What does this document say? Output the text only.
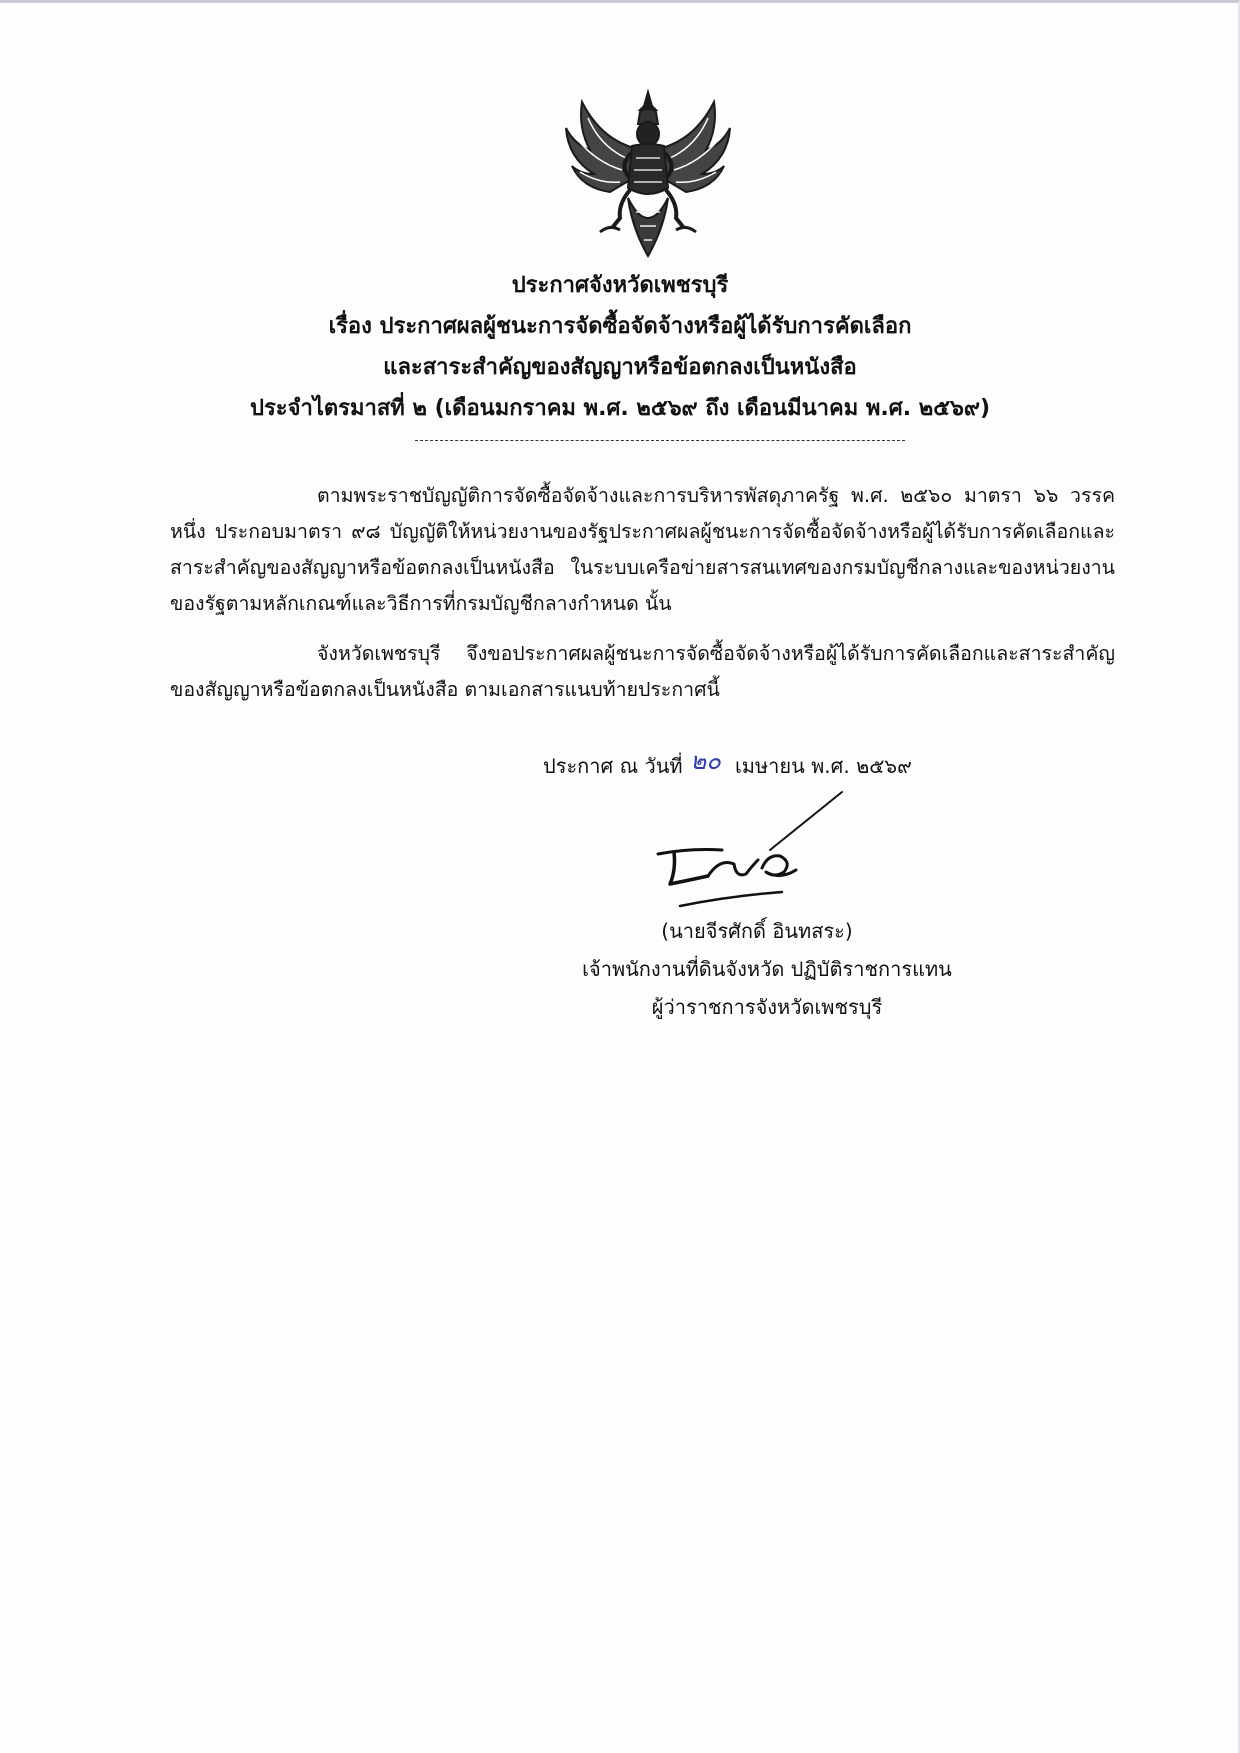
ประกาศจังหวัดเพชรบุรี
เรื่อง ประกาศผลผู้ชนะการจัดซื้อจัดจ้างหรือผู้ได้รับการคัดเลือก
และสาระสำคัญของสัญญาหรือข้อตกลงเป็นหนังสือ
ประจำไตรมาสที่ ๒ (เดือนมกราคม พ.ศ. ๒๕๖๙ ถึง เดือนมีนาคม พ.ศ. ๒๕๖๙)

ตามพระราชบัญญัติการจัดซื้อจัดจ้างและการบริหารพัสดุภาครัฐ พ.ศ. ๒๕๖๐ มาตรา ๖๖ วรรคหนึ่ง ประกอบมาตรา ๙๘ บัญญัติให้หน่วยงานของรัฐประกาศผลผู้ชนะการจัดซื้อจัดจ้างหรือผู้ได้รับการคัดเลือกและสาระสำคัญของสัญญาหรือข้อตกลงเป็นหนังสือ ในระบบเครือข่ายสารสนเทศของกรมบัญชีกลางและของหน่วยงานของรัฐตามหลักเกณฑ์และวิธีการที่กรมบัญชีกลางกำหนด นั้น

จังหวัดเพชรบุรี จึงขอประกาศผลผู้ชนะการจัดซื้อจัดจ้างหรือผู้ได้รับการคัดเลือกและสาระสำคัญของสัญญาหรือข้อตกลงเป็นหนังสือ ตามเอกสารแนบท้ายประกาศนี้

ประกาศ ณ วันที่ ๒๐ เมษายน พ.ศ. ๒๕๖๙
(นายจีรศักดิ์ อินทสระ)
เจ้าพนักงานที่ดินจังหวัด ปฏิบัติราชการแทน
ผู้ว่าราชการจังหวัดเพชรบุรี
